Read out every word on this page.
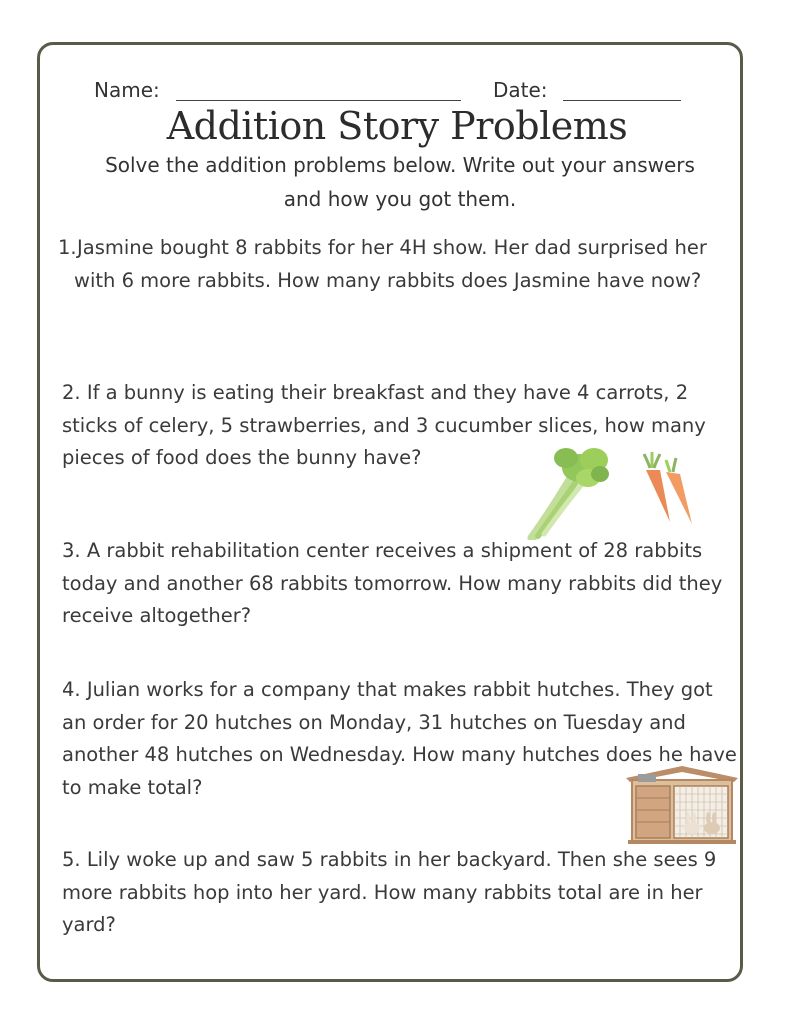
Name:	Date:
Addition Story Problems
Solve the addition problems below. Write out your answers and how you got them.

1. Jasmine bought 8 rabbits for her 4H show. Her dad surprised her with 6 more rabbits. How many rabbits does Jasmine have now?

2. If a bunny is eating their breakfast and they have 4 carrots, 2 sticks of celery, 5 strawberries, and 3 cucumber slices, how many pieces of food does the bunny have?

3. A rabbit rehabilitation center receives a shipment of 28 rabbits today and another 68 rabbits tomorrow. How many rabbits did they receive altogether?

4. Julian works for a company that makes rabbit hutches. They got an order for 20 hutches on Monday, 31 hutches on Tuesday and another 48 hutches on Wednesday. How many hutches does he have to make total?

5. Lily woke up and saw 5 rabbits in her backyard. Then she sees 9 more rabbits hop into her yard. How many rabbits total are in her yard?
